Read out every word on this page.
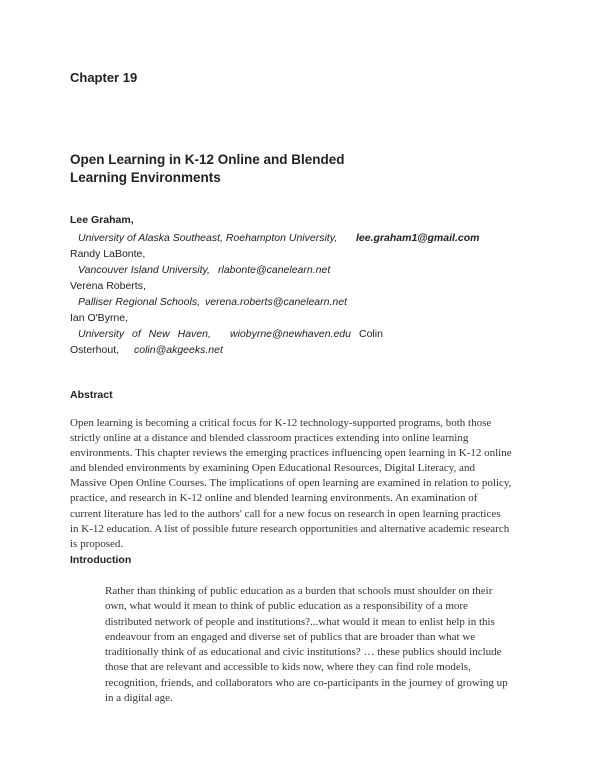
Chapter 19
Open Learning in K-12 Online and Blended
Learning Environments
Lee Graham,
University of Alaska Southeast, Roehampton University, lee.graham1@gmail.com
Randy LaBonte,
Vancouver Island University, rlabonte@canelearn.net
Verena Roberts,
Palliser Regional Schools, verena.roberts@canelearn.net
Ian O'Byrne,
University of New Haven, wiobyrne@newhaven.edu Colin
Osterhout, colin@akgeeks.net
Abstract
Open learning is becoming a critical focus for K-12 technology-supported programs, both those
strictly online at a distance and blended classroom practices extending into online learning
environments. This chapter reviews the emerging practices influencing open learning in K-12 online
and blended environments by examining Open Educational Resources, Digital Literacy, and
Massive Open Online Courses. The implications of open learning are examined in relation to policy,
practice, and research in K-12 online and blended learning environments. An examination of
current literature has led to the authors' call for a new focus on research in open learning practices
in K-12 education. A list of possible future research opportunities and alternative academic research
is proposed.
Introduction
Rather than thinking of public education as a burden that schools must shoulder on their
own, what would it mean to think of public education as a responsibility of a more
distributed network of people and institutions?...what would it mean to enlist help in this
endeavour from an engaged and diverse set of publics that are broader than what we
traditionally think of as educational and civic institutions? … these publics should include
those that are relevant and accessible to kids now, where they can find role models,
recognition, friends, and collaborators who are co-participants in the journey of growing up
in a digital age.
